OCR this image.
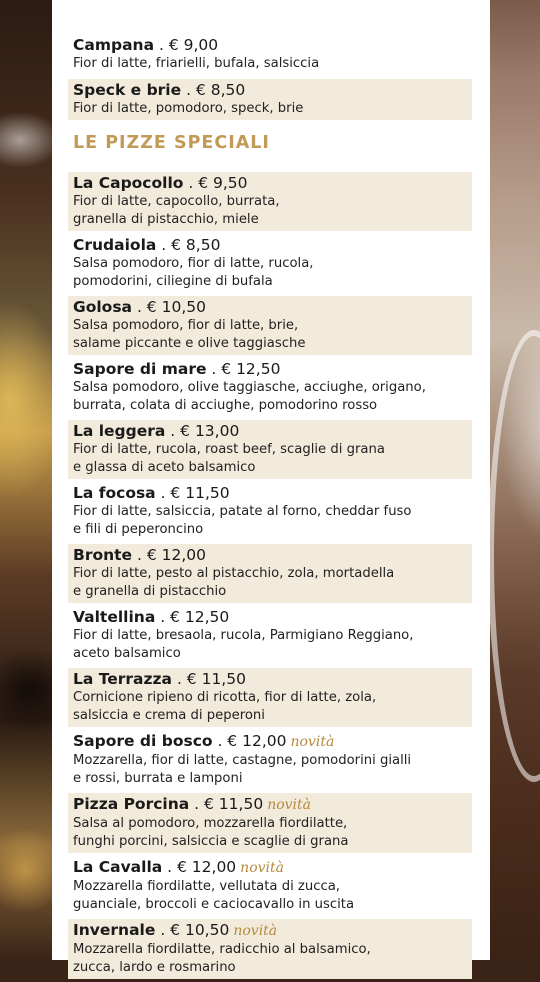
Campana . € 9,00
Fior di latte, friarielli, bufala, salsiccia
Speck e brie . € 8,50
Fior di latte, pomodoro, speck, brie
LE PIZZE SPECIALI
La Capocollo . € 9,50
Fior di latte, capocollo, burrata,
granella di pistacchio, miele
Crudaiola . € 8,50
Salsa pomodoro, fior di latte, rucola,
pomodorini, ciliegine di bufala
Golosa . € 10,50
Salsa pomodoro, fior di latte, brie,
salame piccante e olive taggiasche
Sapore di mare . € 12,50
Salsa pomodoro, olive taggiasche, acciughe, origano,
burrata, colata di acciughe, pomodorino rosso
La leggera . € 13,00
Fior di latte, rucola, roast beef, scaglie di grana
e glassa di aceto balsamico
La focosa . € 11,50
Fior di latte, salsiccia, patate al forno, cheddar fuso
e fili di peperoncino
Bronte . € 12,00
Fior di latte, pesto al pistacchio, zola, mortadella
e granella di pistacchio
Valtellina . € 12,50
Fior di latte, bresaola, rucola, Parmigiano Reggiano,
aceto balsamico
La Terrazza . € 11,50
Cornicione ripieno di ricotta, fior di latte, zola,
salsiccia e crema di peperoni
Sapore di bosco . € 12,00 novità
Mozzarella, fior di latte, castagne, pomodorini gialli
e rossi, burrata e lamponi
Pizza Porcina . € 11,50 novità
Salsa al pomodoro, mozzarella fiordilatte,
funghi porcini, salsiccia e scaglie di grana
La Cavalla . € 12,00 novità
Mozzarella fiordilatte, vellutata di zucca,
guanciale, broccoli e caciocavallo in uscita
Invernale . € 10,50 novità
Mozzarella fiordilatte, radicchio al balsamico,
zucca, lardo e rosmarino
